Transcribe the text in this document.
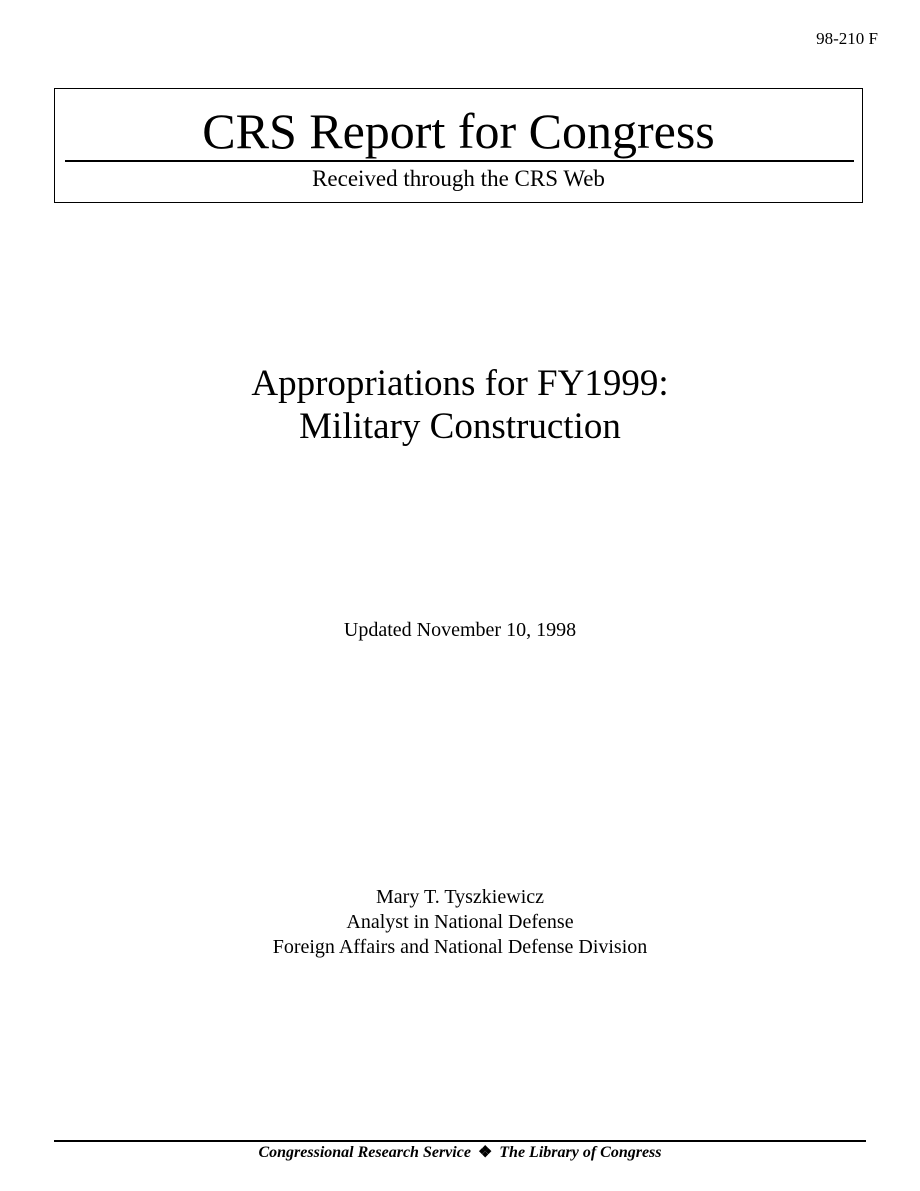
98-210 F
CRS Report for Congress
Received through the CRS Web
Appropriations for FY1999:
Military Construction
Updated November 10, 1998
Mary T. Tyszkiewicz
Analyst in National Defense
Foreign Affairs and National Defense Division
Congressional Research Service ❖ The Library of Congress
